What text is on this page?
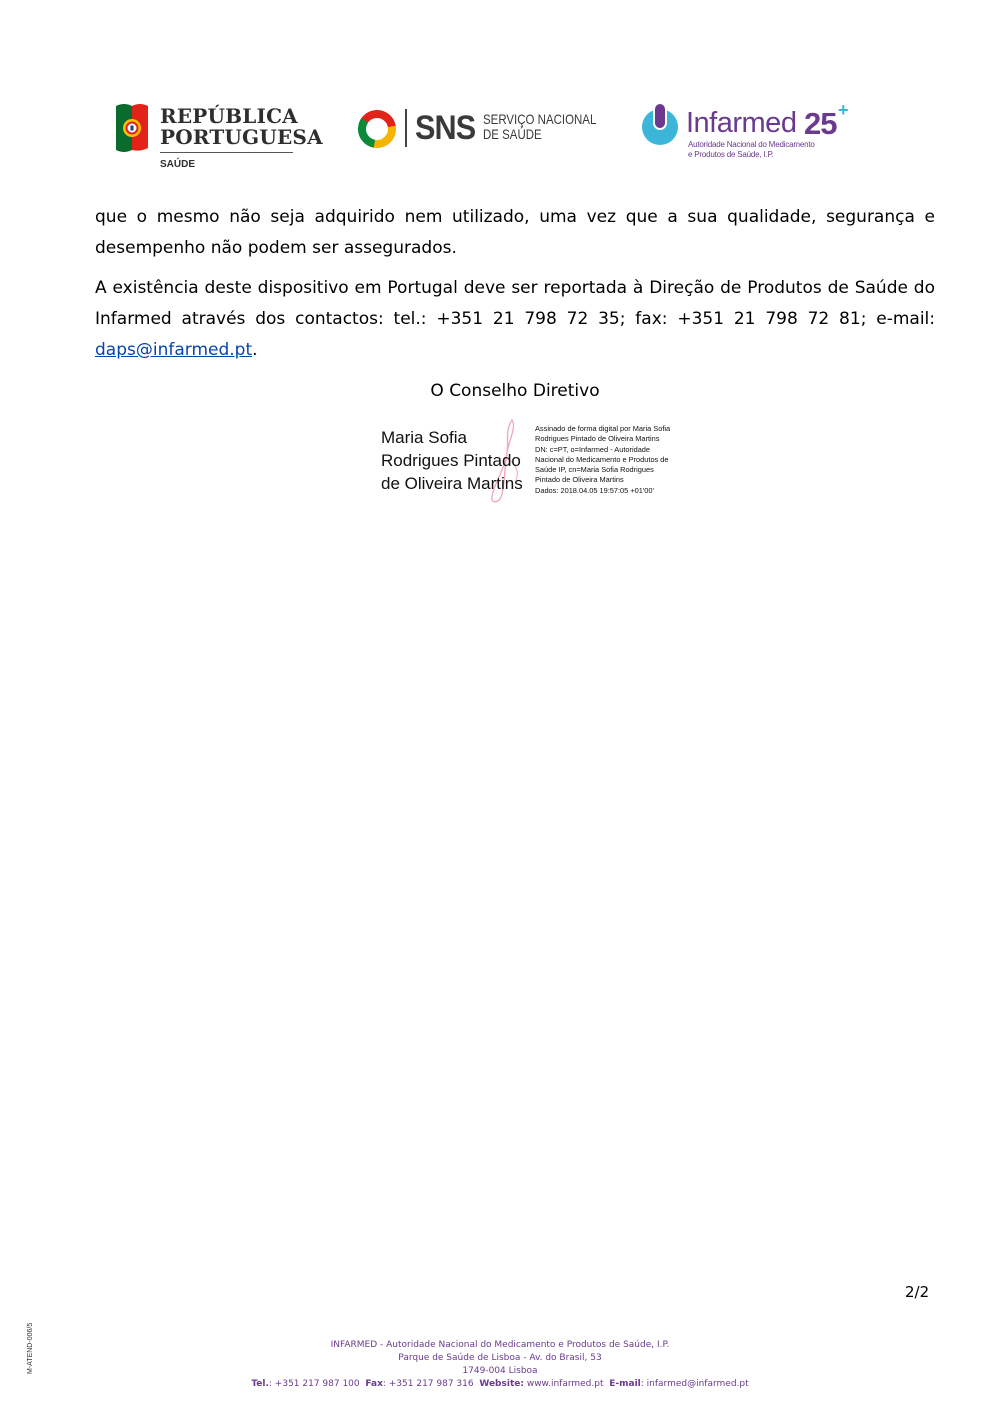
REPÚBLICA
PORTUGUESA
SAÚDE
SNS SERVIÇO NACIONAL
DE SAÚDE	Infarmed 25 +
Autoridade Nacional do Medicamento
e Produtos de Saúde, I.P.

que o mesmo não seja adquirido nem utilizado, uma vez que a sua qualidade, segurança e desempenho não podem ser assegurados.

A existência deste dispositivo em Portugal deve ser reportada à Direção de Produtos de Saúde do Infarmed através dos contactos: tel.: +351 21 798 72 35; fax: +351 21 798 72 81; e-mail: daps@infarmed.pt.

O Conselho Diretivo

Maria Sofia
Rodrigues Pintado
de Oliveira Martins
Assinado de forma digital por Maria Sofia
Rodrigues Pintado de Oliveira Martins
DN: c=PT, o=Infarmed - Autoridade
Nacional do Medicamento e Produtos de
Saúde IP, cn=Maria Sofia Rodrigues
Pintado de Oliveira Martins
Dados: 2018.04.05 19:57:05 +01'00'
2/2
M-ATEND-006/5	INFARMED - Autoridade Nacional do Medicamento e Produtos de Saúde, I.P.
Parque de Saúde de Lisboa - Av. do Brasil, 53
1749-004 Lisboa
Tel.: +351 217 987 100 Fax: +351 217 987 316 Website: www.infarmed.pt E-mail: infarmed@infarmed.pt
